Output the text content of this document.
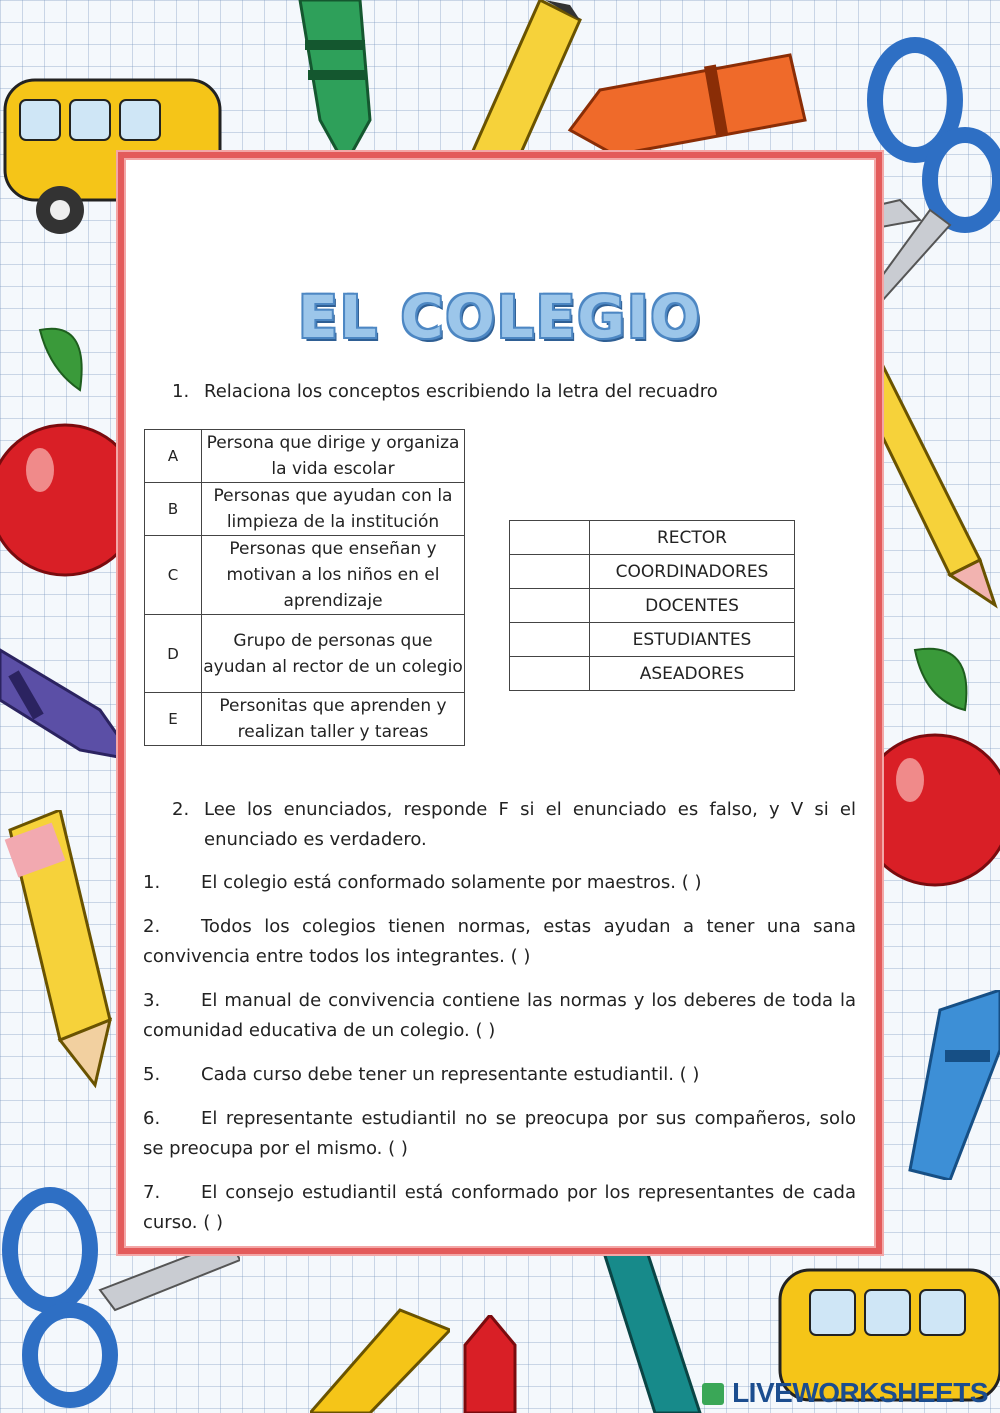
EL COLEGIO
1. Relaciona los conceptos escribiendo la letra del recuadro
A	Persona que dirige y organiza la vida escolar
B	Personas que ayudan con la limpieza de la institución
C	Personas que enseñan y motivan a los niños en el aprendizaje
D	Grupo de personas que ayudan al rector de un colegio
E	Personitas que aprenden y realizan taller y tareas
	RECTOR
	COORDINADORES
	DOCENTES
	ESTUDIANTES
	ASEADORES
2. Lee los enunciados, responde F si el enunciado es falso, y V si el enunciado es verdadero.
1. El colegio está conformado solamente por maestros. ( )
2. Todos los colegios tienen normas, estas ayudan a tener una sana convivencia entre todos los integrantes. ( )
3. El manual de convivencia contiene las normas y los deberes de toda la comunidad educativa de un colegio. ( )
5. Cada curso debe tener un representante estudiantil. ( )
6. El representante estudiantil no se preocupa por sus compañeros, solo se preocupa por el mismo. ( )
7. El consejo estudiantil está conformado por los representantes de cada curso. ( )
LIVEWORKSHEETS
